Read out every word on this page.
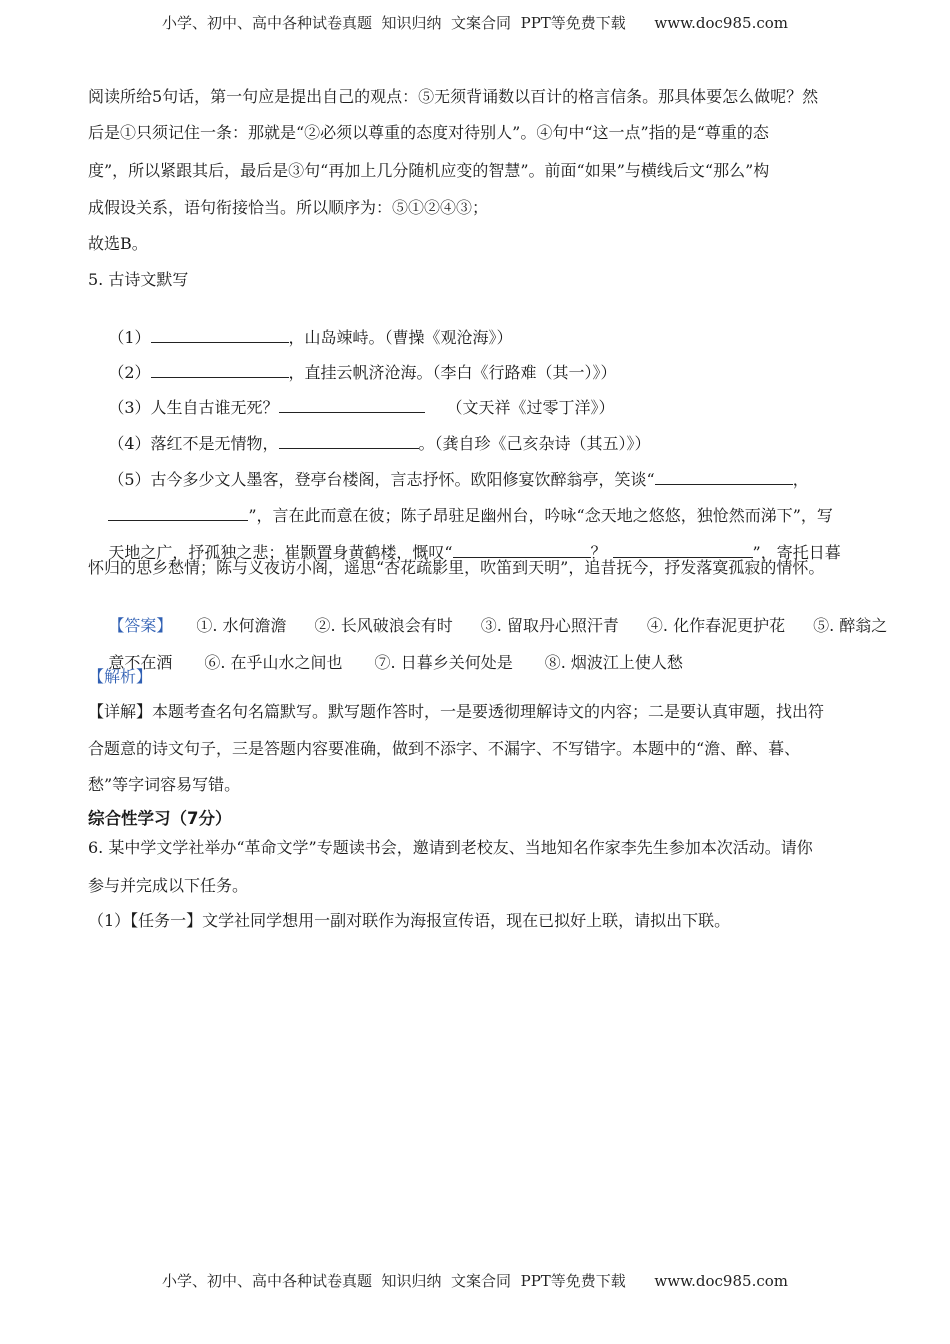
小学、初中、高中各种试卷真题  知识归纳  文案合同  PPT等免费下载      www.doc985.com
阅读所给5句话，第一句应是提出自己的观点：⑤无须背诵数以百计的格言信条。那具体要怎么做呢？然
后是①只须记住一条：那就是“②必须以尊重的态度对待别人”。④句中“这一点”指的是“尊重的态
度”，所以紧跟其后，最后是③句“再加上几分随机应变的智慧”。前面“如果”与横线后文“那么”构
成假设关系，语句衔接恰当。所以顺序为：⑤①②④③；
故选B。
5. 古诗文默写

（1）	，山岛竦峙。（曹操《观沧海》）

（2）	，直挂云帆济沧海。（李白《行路难（其一）》）

（3）人生自古谁无死？	（文天祥《过零丁洋》）

（4）落红不是无情物，	。（龚自珍《己亥杂诗（其五）》）

（5）古今多少文人墨客，登亭台楼阁，言志抒怀。欧阳修宴饮醉翁亭，笑谈“	，

”，言在此而意在彼；陈子昂驻足幽州台，吟咏“念天地之悠悠，独怆然而涕下”，写

天地之广，抒孤独之悲；崔颢置身黄鹤楼，慨叹“	？	”，寄托日暮

怀归的思乡愁情；陈与义夜访小阁，遥思“杏花疏影里，吹笛到天明”，追昔抚今，抒发落寞孤寂的情怀。

【答案】 ①. 水何澹澹 ②. 长风破浪会有时 ③. 留取丹心照汗青 ④. 化作春泥更护花 ⑤. 醉翁之

意不在酒 ⑥. 在乎山水之间也 ⑦. 日暮乡关何处是 ⑧. 烟波江上使人愁

【解析】
【详解】本题考查名句名篇默写。默写题作答时，一是要透彻理解诗文的内容；二是要认真审题，找出符
合题意的诗文句子，三是答题内容要准确，做到不添字、不漏字、不写错字。本题中的“澹、醉、暮、
愁”等字词容易写错。
综合性学习（7分）
6. 某中学文学社举办“革命文学”专题读书会，邀请到老校友、当地知名作家李先生参加本次活动。请你
参与并完成以下任务。
（1）【任务一】文学社同学想用一副对联作为海报宣传语，现在已拟好上联，请拟出下联。
小学、初中、高中各种试卷真题  知识归纳  文案合同  PPT等免费下载      www.doc985.com
